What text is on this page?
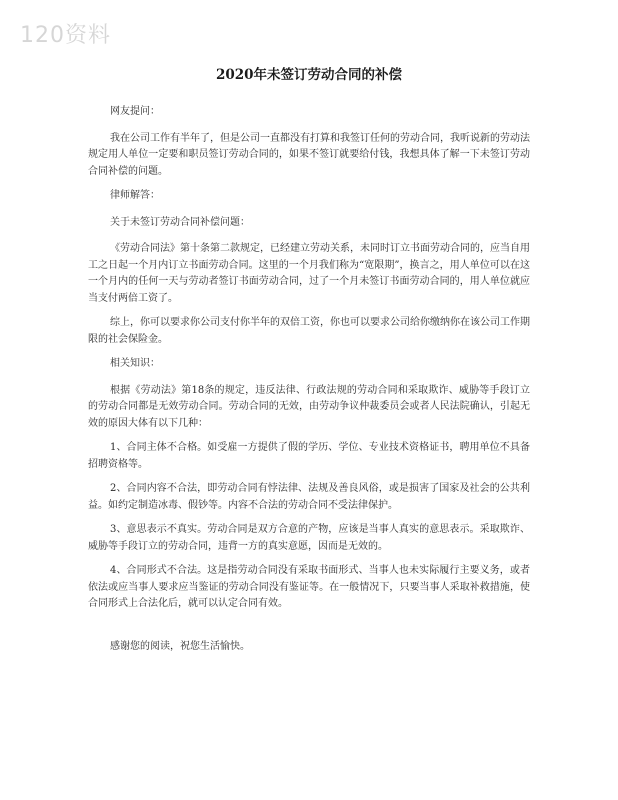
120资料
2020年未签订劳动合同的补偿
网友提问：
我在公司工作有半年了，但是公司一直都没有打算和我签订任何的劳动合同，我听说新的劳动法规定用人单位一定要和职员签订劳动合同的，如果不签订就要给付钱，我想具体了解一下未签订劳动合同补偿的问题。
律师解答：
关于未签订劳动合同补偿问题：
《劳动合同法》第十条第二款规定，已经建立劳动关系，未同时订立书面劳动合同的，应当自用工之日起一个月内订立书面劳动合同。这里的一个月我们称为“宽限期”，换言之，用人单位可以在这一个月内的任何一天与劳动者签订书面劳动合同，过了一个月未签订书面劳动合同的，用人单位就应当支付两倍工资了。
综上，你可以要求你公司支付你半年的双倍工资，你也可以要求公司给你缴纳你在该公司工作期限的社会保险金。
相关知识：
根据《劳动法》第18条的规定，违反法律、行政法规的劳动合同和采取欺诈、威胁等手段订立的劳动合同都是无效劳动合同。劳动合同的无效，由劳动争议仲裁委员会或者人民法院确认，引起无效的原因大体有以下几种：
1、合同主体不合格。如受雇一方提供了假的学历、学位、专业技术资格证书，聘用单位不具备招聘资格等。
2、合同内容不合法，即劳动合同有悖法律、法规及善良风俗，或是损害了国家及社会的公共利益。如约定制造冰毒、假钞等。内容不合法的劳动合同不受法律保护。
3、意思表示不真实。劳动合同是双方合意的产物，应该是当事人真实的意思表示。采取欺诈、威胁等手段订立的劳动合同，违背一方的真实意愿，因而是无效的。
4、合同形式不合法。这是指劳动合同没有采取书面形式、当事人也未实际履行主要义务，或者依法或应当事人要求应当鉴证的劳动合同没有鉴证等。在一般情况下，只要当事人采取补救措施，使合同形式上合法化后，就可以认定合同有效。
感谢您的阅读，祝您生活愉快。
